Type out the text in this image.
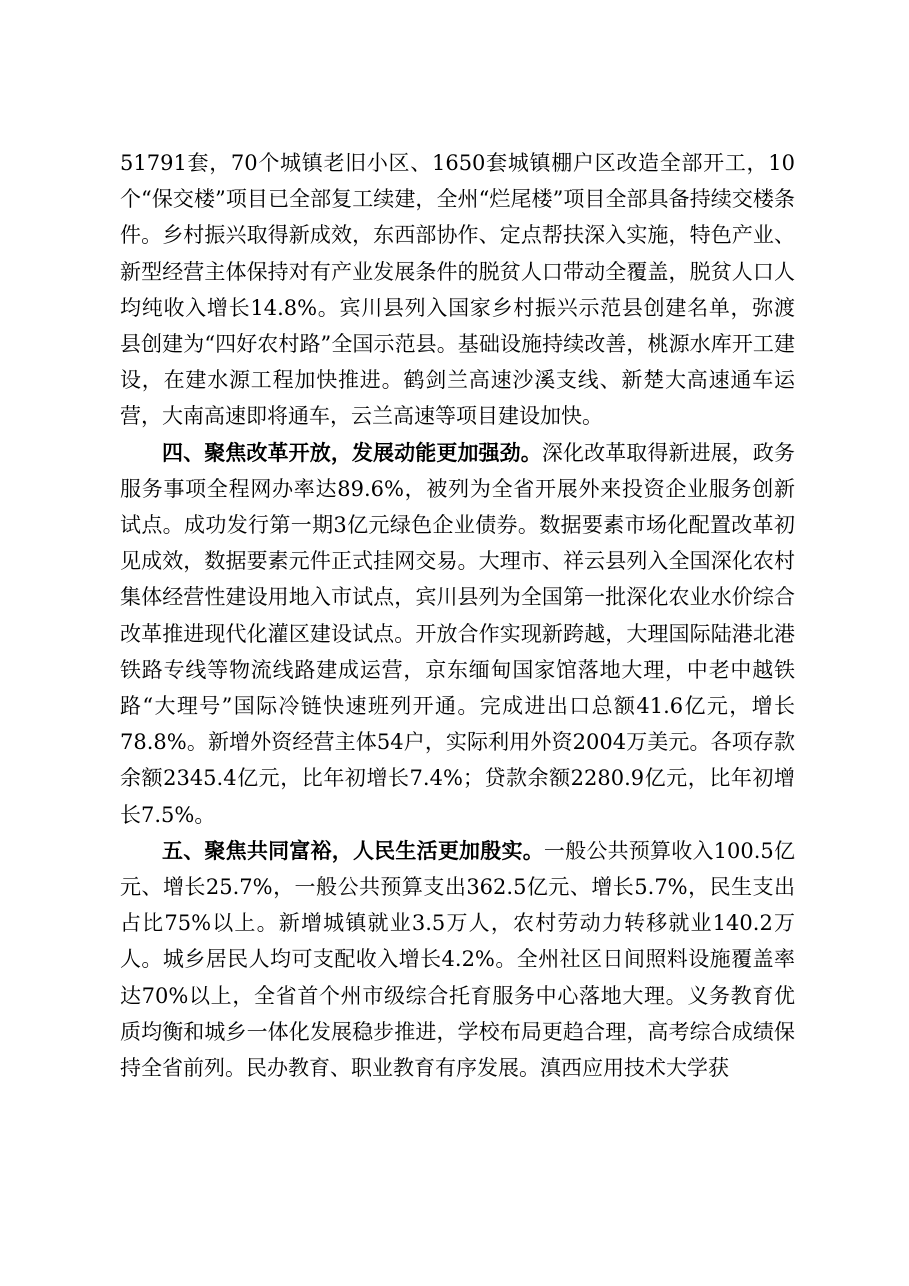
51791套，70个城镇老旧小区、1650套城镇棚户区改造全部开工，10个“保交楼”项目已全部复工续建，全州“烂尾楼”项目全部具备持续交楼条件。乡村振兴取得新成效，东西部协作、定点帮扶深入实施，特色产业、新型经营主体保持对有产业发展条件的脱贫人口带动全覆盖，脱贫人口人均纯收入增长14.8%。宾川县列入国家乡村振兴示范县创建名单，弥渡县创建为“四好农村路”全国示范县。基础设施持续改善，桃源水库开工建设，在建水源工程加快推进。鹤剑兰高速沙溪支线、新楚大高速通车运营，大南高速即将通车，云兰高速等项目建设加快。

四、聚焦改革开放，发展动能更加强劲。深化改革取得新进展，政务服务事项全程网办率达89.6%，被列为全省开展外来投资企业服务创新试点。成功发行第一期3亿元绿色企业债券。数据要素市场化配置改革初见成效，数据要素元件正式挂网交易。大理市、祥云县列入全国深化农村集体经营性建设用地入市试点，宾川县列为全国第一批深化农业水价综合改革推进现代化灌区建设试点。开放合作实现新跨越，大理国际陆港北港铁路专线等物流线路建成运营，京东缅甸国家馆落地大理，中老中越铁路“大理号”国际冷链快速班列开通。完成进出口总额41.6亿元，增长78.8%。新增外资经营主体54户，实际利用外资2004万美元。各项存款余额2345.4亿元，比年初增长7.4%；贷款余额2280.9亿元，比年初增长7.5%。

五、聚焦共同富裕，人民生活更加殷实。一般公共预算收入100.5亿元、增长25.7%，一般公共预算支出362.5亿元、增长5.7%，民生支出占比75%以上。新增城镇就业3.5万人，农村劳动力转移就业140.2万人。城乡居民人均可支配收入增长4.2%。全州社区日间照料设施覆盖率达70%以上，全省首个州市级综合托育服务中心落地大理。义务教育优质均衡和城乡一体化发展稳步推进，学校布局更趋合理，高考综合成绩保持全省前列。民办教育、职业教育有序发展。滇西应用技术大学获
